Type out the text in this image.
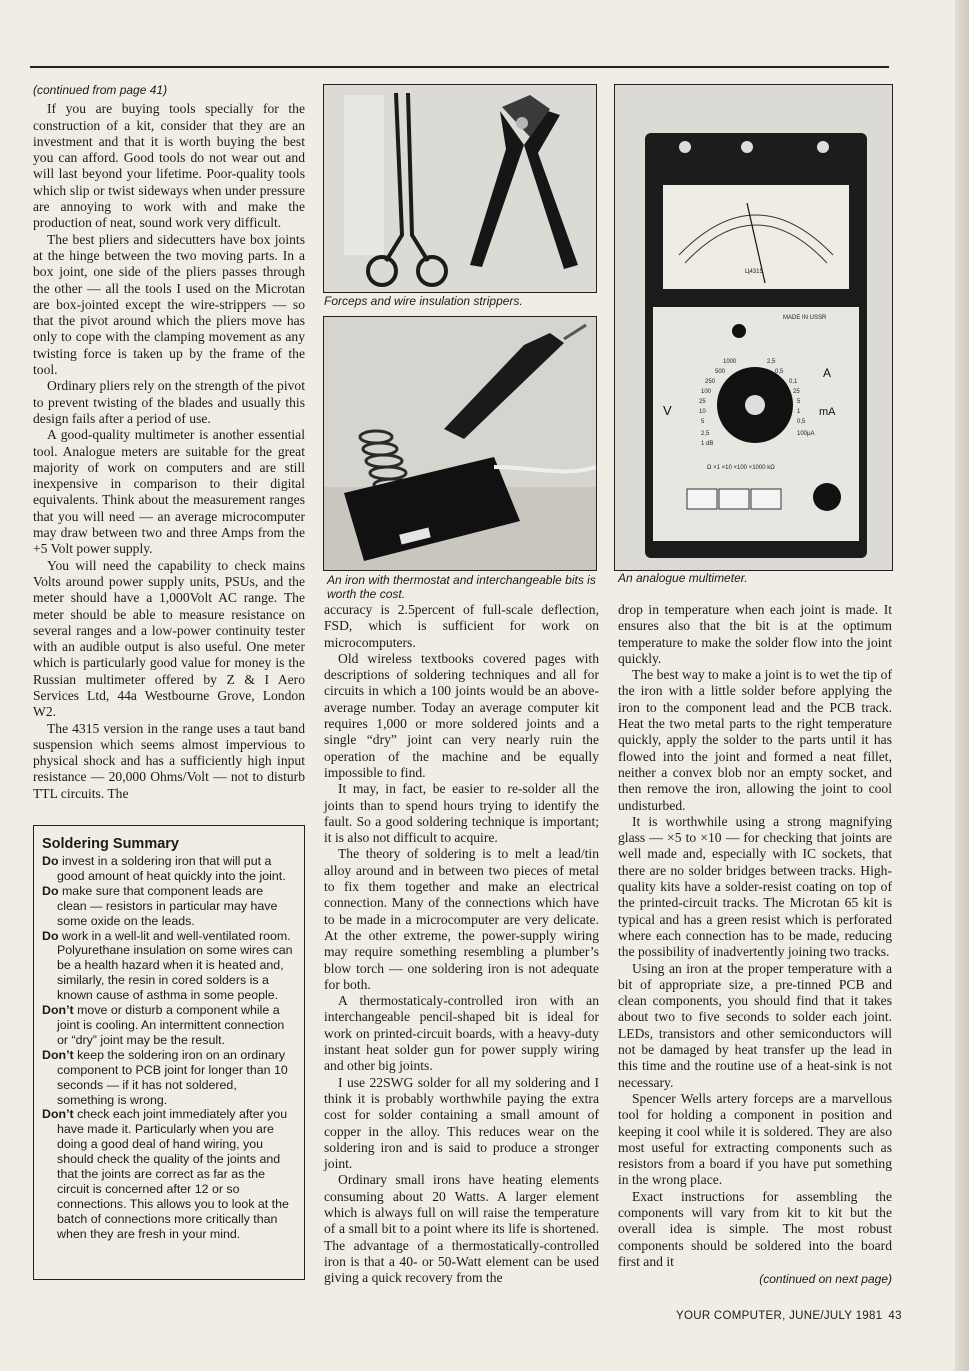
(continued from page 41)

If you are buying tools specially for the construction of a kit, consider that they are an investment and that it is worth buying the best you can afford. Good tools do not wear out and will last beyond your lifetime. Poor-quality tools which slip or twist sideways when under pressure are annoying to work with and make the production of neat, sound work very difficult.

The best pliers and sidecutters have box joints at the hinge between the two moving parts. In a box joint, one side of the pliers passes through the other — all the tools I used on the Microtan are box-jointed except the wire-strippers — so that the pivot around which the pliers move has only to cope with the clamping movement as any twisting force is taken up by the frame of the tool.

Ordinary pliers rely on the strength of the pivot to prevent twisting of the blades and usually this design fails after a period of use.

A good-quality multimeter is another essential tool. Analogue meters are suitable for the great majority of work on computers and are still inexpensive in comparison to their digital equivalents. Think about the measurement ranges that you will need — an average microcomputer may draw between two and three Amps from the +5 Volt power supply.

You will need the capability to check mains Volts around power supply units, PSUs, and the meter should have a 1,000Volt AC range. The meter should be able to measure resistance on several ranges and a low-power continuity tester with an audible output is also useful. One meter which is particularly good value for money is the Russian multimeter offered by Z & I Aero Services Ltd, 44a Westbourne Grove, London W2.

The 4315 version in the range uses a taut band suspension which seems almost impervious to physical shock and has a sufficiently high input resistance — 20,000 Ohms/Volt — not to disturb TTL circuits. The

Soldering Summary
Do invest in a soldering iron that will put a good amount of heat quickly into the joint.
Do make sure that component leads are clean — resistors in particular may have some oxide on the leads.
Do work in a well-lit and well-ventilated room. Polyurethane insulation on some wires can be a health hazard when it is heated and, similarly, the resin in cored solders is a known cause of asthma in some people.
Don’t move or disturb a component while a joint is cooling. An intermittent connection or “dry” joint may be the result.
Don’t keep the soldering iron on an ordinary component to PCB joint for longer than 10 seconds — if it has not soldered, something is wrong.
Don’t check each joint immediately after you have made it. Particularly when you are doing a good deal of hand wiring, you should check the quality of the joints and that the joints are correct as far as the circuit is concerned after 12 or so connections. This allows you to look at the batch of connections more critically than when they are fresh in your mind.
Forceps and wire insulation strippers.
An iron with thermostat and interchangeable bits is worth the cost.
Ц4315
MADE IN USSR
V
A
mA
1000
500
250
100
25
10
5
2,5
1 dB
2,5
0,5
0,1
25
5
1
0,5
100µA
Ω ×1 ×10 ×100 ×1000 kΩ
An analogue multimeter.

accuracy is 2.5percent of full-scale deflection, FSD, which is sufficient for work on microcomputers.

Old wireless textbooks covered pages with descriptions of soldering techniques and all for circuits in which a 100 joints would be an above-average number. Today an average computer kit requires 1,000 or more soldered joints and a single “dry” joint can very nearly ruin the operation of the machine and be equally impossible to find.

It may, in fact, be easier to re-solder all the joints than to spend hours trying to identify the fault. So a good soldering technique is important; it is also not difficult to acquire.

The theory of soldering is to melt a lead/tin alloy around and in between two pieces of metal to fix them together and make an electrical connection. Many of the connections which have to be made in a microcomputer are very delicate. At the other extreme, the power-supply wiring may require something resembling a plumber’s blow torch — one soldering iron is not adequate for both.

A thermostaticaly-controlled iron with an interchangeable pencil-shaped bit is ideal for work on printed-circuit boards, with a heavy-duty instant heat solder gun for power supply wiring and other big joints.

I use 22SWG solder for all my soldering and I think it is probably worthwhile paying the extra cost for solder containing a small amount of copper in the alloy. This reduces wear on the soldering iron and is said to produce a stronger joint.

Ordinary small irons have heating elements consuming about 20 Watts. A larger element which is always full on will raise the temperature of a small bit to a point where its life is shortened. The advantage of a thermostatically-controlled iron is that a 40- or 50-Watt element can be used giving a quick recovery from the

drop in temperature when each joint is made. It ensures also that the bit is at the optimum temperature to make the solder flow into the joint quickly.

The best way to make a joint is to wet the tip of the iron with a little solder before applying the iron to the component lead and the PCB track. Heat the two metal parts to the right temperature quickly, apply the solder to the parts until it has flowed into the joint and formed a neat fillet, neither a convex blob nor an empty socket, and then remove the iron, allowing the joint to cool undisturbed.

It is worthwhile using a strong magnifying glass — ×5 to ×10 — for checking that joints are well made and, especially with IC sockets, that there are no solder bridges between tracks. High-quality kits have a solder-resist coating on top of the printed-circuit tracks. The Microtan 65 kit is typical and has a green resist which is perforated where each connection has to be made, reducing the possibility of inadvertently joining two tracks.

Using an iron at the proper temperature with a bit of appropriate size, a pre-tinned PCB and clean components, you should find that it takes about two to five seconds to solder each joint. LEDs, transistors and other semiconductors will not be damaged by heat transfer up the lead in this time and the routine use of a heat-sink is not necessary.

Spencer Wells artery forceps are a marvellous tool for holding a component in position and keeping it cool while it is soldered. They are also most useful for extracting components such as resistors from a board if you have put something in the wrong place.

Exact instructions for assembling the components will vary from kit to kit but the overall idea is simple. The most robust components should be soldered into the board first and it

(continued on next page)
YOUR COMPUTER, JUNE/JULY 1981 43
